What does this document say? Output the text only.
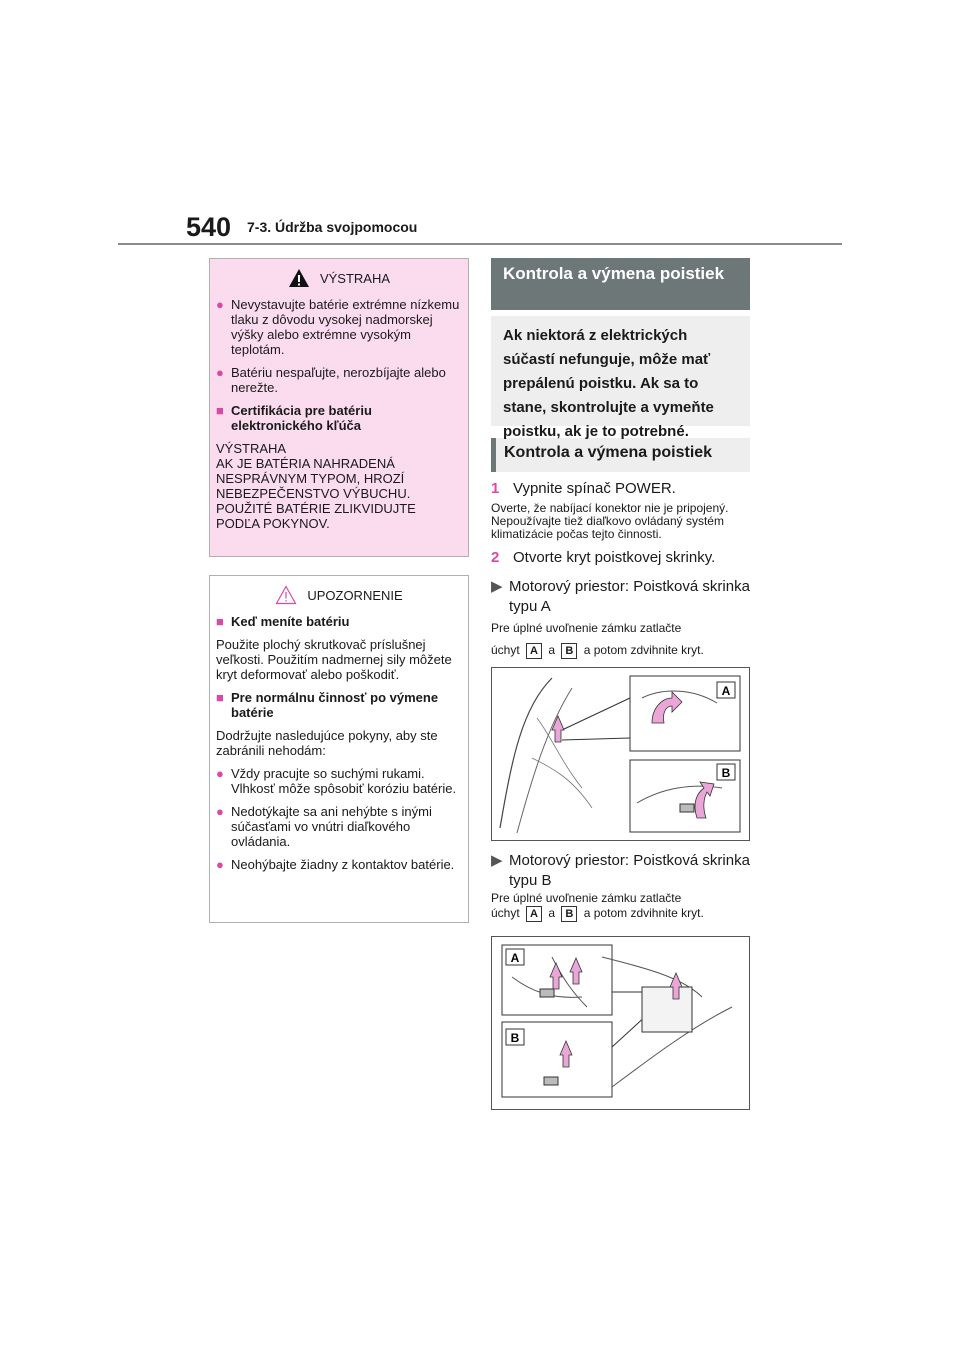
540 7-3. Údržba svojpomocou
VÝSTRAHA
● Nevystavujte batérie extrémne nízkemu tlaku z dôvodu vysokej nadmorskej výšky alebo extrémne vysokým teplotám.
● Batériu nespaľujte, nerozbíjajte alebo nerežte.
■ Certifikácia pre batériu elektronického kľúča
VÝSTRAHA
AK JE BATÉRIA NAHRADENÁ NESPRÁVNYM TYPOM, HROZÍ NEBEZPEČENSTVO VÝBUCHU.
POUŽITÉ BATÉRIE ZLIKVIDUJTE PODĽA POKYNOV.
UPOZORNENIE
■ Keď meníte batériu
Použite plochý skrutkovač príslušnej veľkosti. Použitím nadmernej sily môžete kryt deformovať alebo poškodiť.
■ Pre normálnu činnosť po výmene batérie
Dodržujte nasledujúce pokyny, aby ste zabránili nehodám:
● Vždy pracujte so suchými rukami. Vlhkosť môže spôsobiť koróziu batérie.
● Nedotýkajte sa ani nehýbte s inými súčasťami vo vnútri diaľkového ovládania.
● Neohýbajte žiadny z kontaktov batérie.
Kontrola a výmena poistiek
Ak niektorá z elektrických súčastí nefunguje, môže mať prepálenú poistku. Ak sa to stane, skontrolujte a vymeňte poistku, ak je to potrebné.
Kontrola a výmena poistiek
1 Vypnite spínač POWER.
Overte, že nabíjací konektor nie je pripojený. Nepoužívajte tiež diaľkovo ovládaný systém klimatizácie počas tejto činnosti.
2 Otvorte kryt poistkovej skrinky.
▶ Motorový priestor: Poistková skrinka typu A
Pre úplné uvoľnenie zámku zatlačte
úchyt A a B a potom zdvihnite kryt.
A
B
▶ Motorový priestor: Poistková skrinka typu B
Pre úplné uvoľnenie zámku zatlačte
úchyt A a B a potom zdvihnite kryt.
A
B
